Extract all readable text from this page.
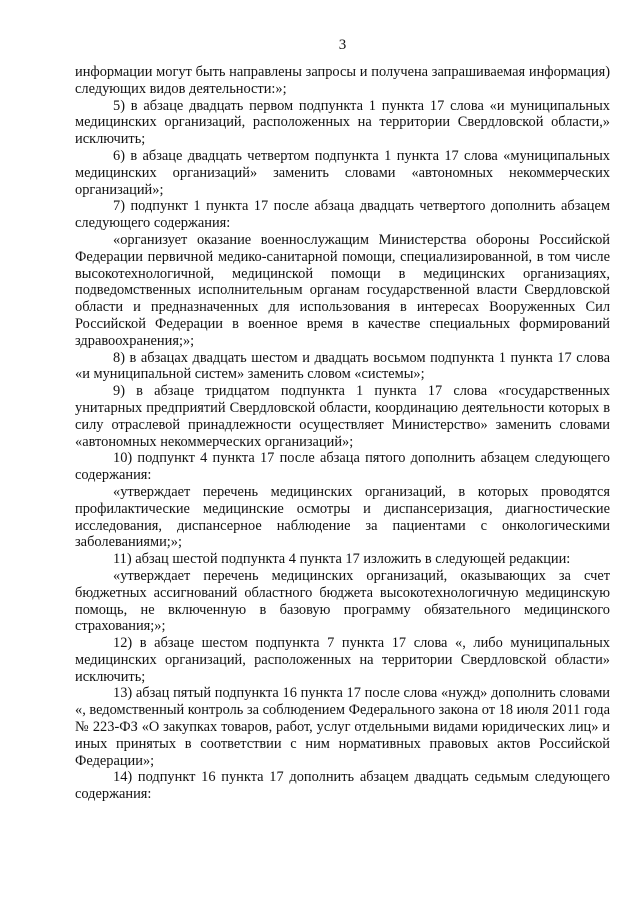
3

информации могут быть направлены запросы и получена запрашиваемая информация) следующих видов деятельности:»;

5) в абзаце двадцать первом подпункта 1 пункта 17 слова «и муниципальных медицинских организаций, расположенных на территории Свердловской области,» исключить;

6) в абзаце двадцать четвертом подпункта 1 пункта 17 слова «муниципальных медицинских организаций» заменить словами «автономных некоммерческих организаций»;

7) подпункт 1 пункта 17 после абзаца двадцать четвертого дополнить абзацем следующего содержания:

«организует оказание военнослужащим Министерства обороны Российской Федерации первичной медико-санитарной помощи, специализированной, в том числе высокотехнологичной, медицинской помощи в медицинских организациях, подведомственных исполнительным органам государственной власти Свердловской области и предназначенных для использования в интересах Вооруженных Сил Российской Федерации в военное время в качестве специальных формирований здравоохранения;»;

8) в абзацах двадцать шестом и двадцать восьмом подпункта 1 пункта 17 слова «и муниципальной систем» заменить словом «системы»;

9) в абзаце тридцатом подпункта 1 пункта 17 слова «государственных унитарных предприятий Свердловской области, координацию деятельности которых в силу отраслевой принадлежности осуществляет Министерство» заменить словами «автономных некоммерческих организаций»;

10) подпункт 4 пункта 17 после абзаца пятого дополнить абзацем следующего содержания:

«утверждает перечень медицинских организаций, в которых проводятся профилактические медицинские осмотры и диспансеризация, диагностические исследования, диспансерное наблюдение за пациентами с онкологическими заболеваниями;»;

11) абзац шестой подпункта 4 пункта 17 изложить в следующей редакции:

«утверждает перечень медицинских организаций, оказывающих за счет бюджетных ассигнований областного бюджета высокотехнологичную медицинскую помощь, не включенную в базовую программу обязательного медицинского страхования;»;

12) в абзаце шестом подпункта 7 пункта 17 слова «, либо муниципальных медицинских организаций, расположенных на территории Свердловской области» исключить;

13) абзац пятый подпункта 16 пункта 17 после слова «нужд» дополнить словами «, ведомственный контроль за соблюдением Федерального закона от 18 июля 2011 года № 223-ФЗ «О закупках товаров, работ, услуг отдельными видами юридических лиц» и иных принятых в соответствии с ним нормативных правовых актов Российской Федерации»;

14) подпункт 16 пункта 17 дополнить абзацем двадцать седьмым следующего содержания:
